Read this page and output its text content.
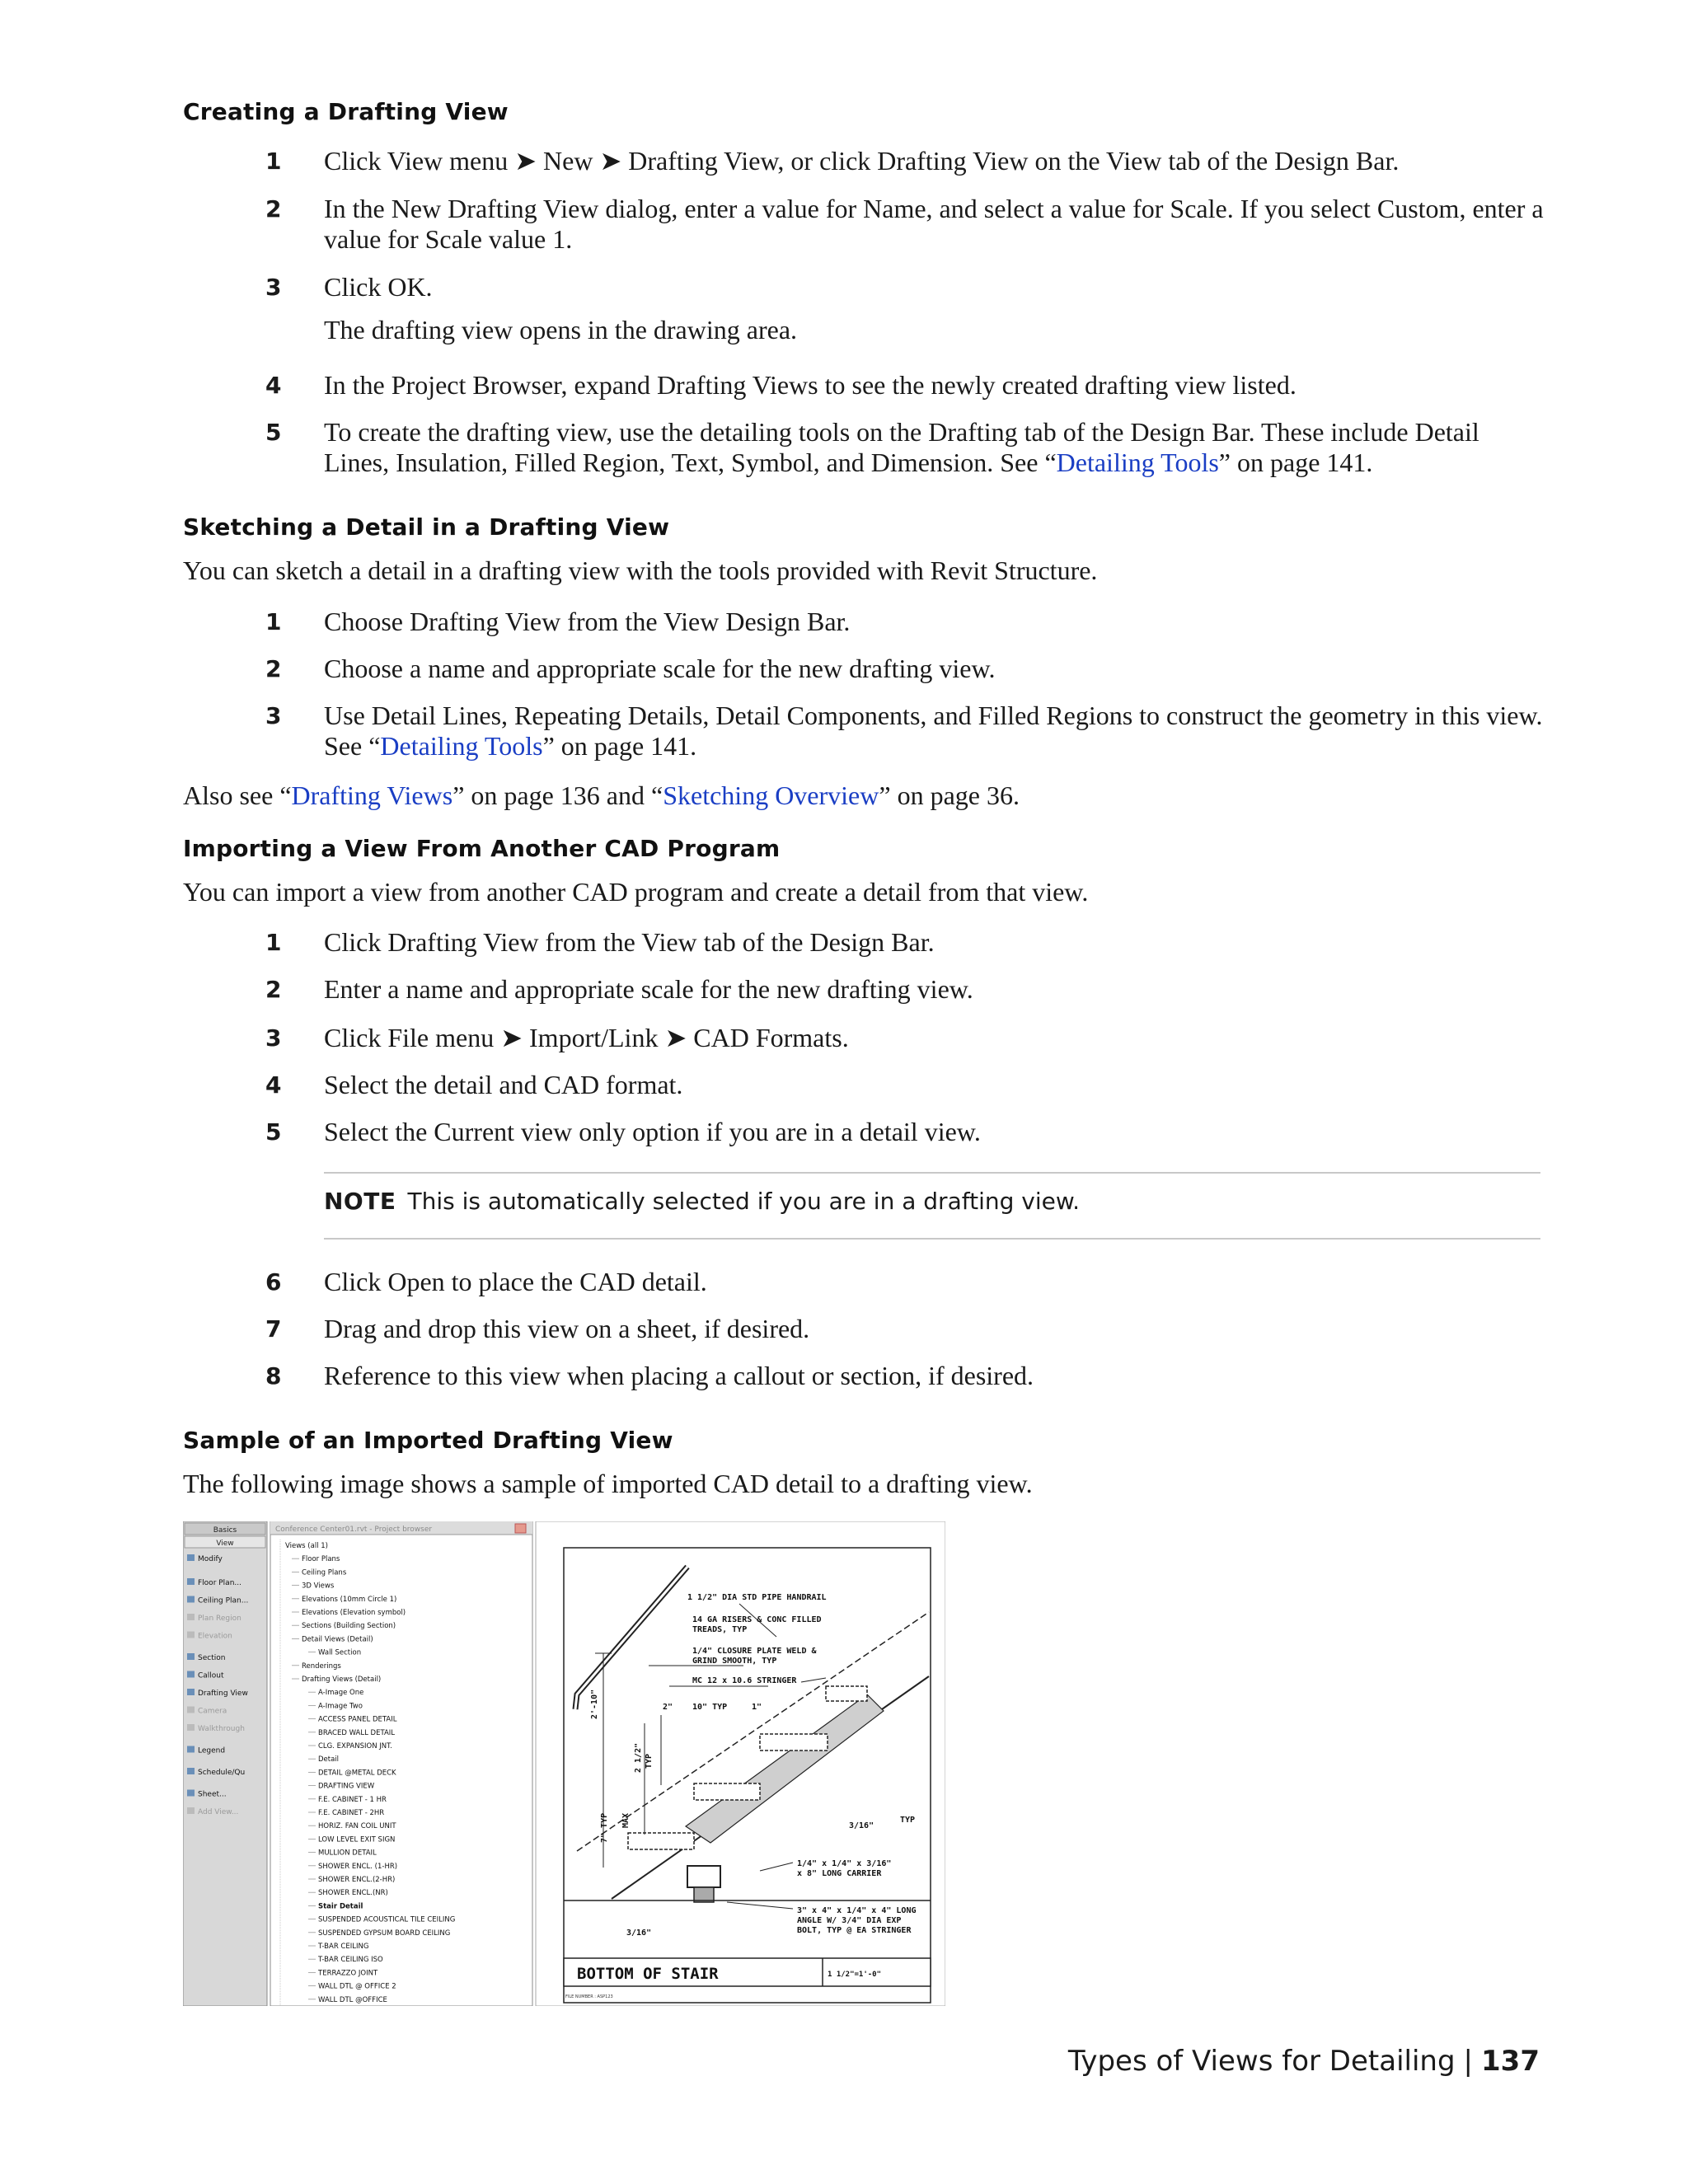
Creating a Drafting View
1	Click View menu ➤ New ➤ Drafting View, or click Drafting View on the View tab of the Design Bar.
2	In the New Drafting View dialog, enter a value for Name, and select a value for Scale. If you select Custom, enter a value for Scale value 1.
3	Click OK.
The drafting view opens in the drawing area.
4	In the Project Browser, expand Drafting Views to see the newly created drafting view listed.
5	To create the drafting view, use the detailing tools on the Drafting tab of the Design Bar. These include Detail Lines, Insulation, Filled Region, Text, Symbol, and Dimension. See “Detailing Tools” on page 141.
Sketching a Detail in a Drafting View

You can sketch a detail in a drafting view with the tools provided with Revit Structure.

1	Choose Drafting View from the View Design Bar.
2	Choose a name and appropriate scale for the new drafting view.
3	Use Detail Lines, Repeating Details, Detail Components, and Filled Regions to construct the geometry in this view. See “Detailing Tools” on page 141.

Also see “Drafting Views” on page 136 and “Sketching Overview” on page 36.

Importing a View From Another CAD Program

You can import a view from another CAD program and create a detail from that view.

1	Click Drafting View from the View tab of the Design Bar.
2	Enter a name and appropriate scale for the new drafting view.
3	Click File menu ➤ Import/Link ➤ CAD Formats.
4	Select the detail and CAD format.
5	Select the Current view only option if you are in a detail view.
NOTE This is automatically selected if you are in a drafting view.
6	Click Open to place the CAD detail.
7	Drag and drop this view on a sheet, if desired.
8	Reference to this view when placing a callout or section, if desired.
Sample of an Imported Drafting View

The following image shows a sample of imported CAD detail to a drafting view.

Basics
View
Modify
Floor Plan...
Ceiling Plan...
Plan Region
Elevation
Section
Callout
Drafting View
Camera
Walkthrough
Legend
Schedule/Qu
Sheet...
Add View...
Conference Center01.rvt - Project browser
Views (all 1)
Floor Plans
Ceiling Plans
3D Views
Elevations (10mm Circle 1)
Elevations (Elevation symbol)
Sections (Building Section)
Detail Views (Detail)
Wall Section
Renderings
Drafting Views (Detail)
A-Image One
A-Image Two
ACCESS PANEL DETAIL
BRACED WALL DETAIL
CLG. EXPANSION JNT.
Detail
DETAIL @METAL DECK
DRAFTING VIEW
F.E. CABINET - 1 HR
F.E. CABINET - 2HR
HORIZ. FAN COIL UNIT
LOW LEVEL EXIT SIGN
MULLION DETAIL
SHOWER ENCL. (1-HR)
SHOWER ENCL.(2-HR)
SHOWER ENCL.(NR)
Stair Detail
SUSPENDED ACOUSTICAL TILE CEILING
SUSPENDED GYPSUM BOARD CEILING
T-BAR CEILING
T-BAR CEILING ISO
TERRAZZO JOINT
WALL DTL @ OFFICE 2
WALL DTL @OFFICE
1 1/2" DIA STD PIPE HANDRAIL
14 GA RISERS & CONC FILLED
TREADS, TYP
1/4" CLOSURE PLATE WELD &
GRIND SMOOTH, TYP
MC 12 x 10.6 STRINGER
1/4" x 1/4" x 3/16"
x 8" LONG CARRIER
3" x 4" x 1/4" x 4" LONG
ANGLE W/ 3/4" DIA EXP
BOLT, TYP @ EA STRINGER
2'-10"	2" 10" TYP	1"
7" TYP MAX
2 1/2" TYP
3/16"
TYP
3/16"
BOTTOM OF STAIR	1 1/2"=1'-0"
FILE NUMBER : ASP123
Types of Views for Detailing | 137
